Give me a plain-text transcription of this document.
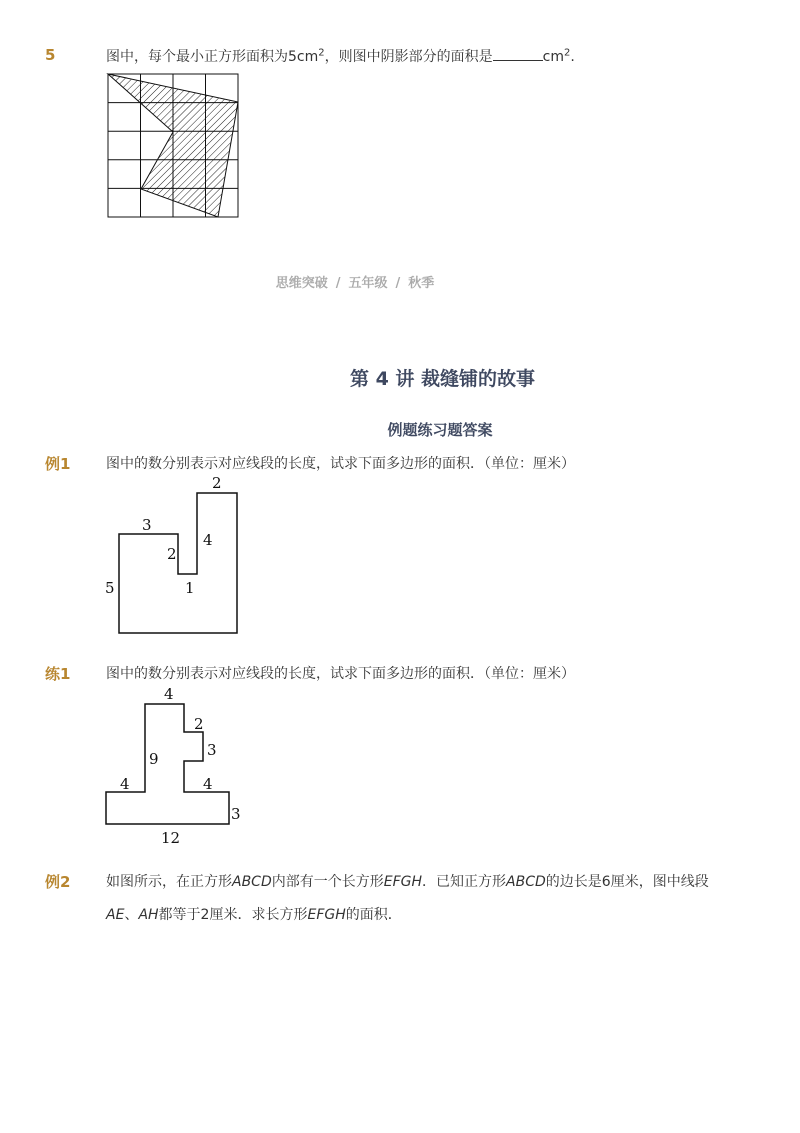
5	图中，每个最小正方形面积为$5cm^2$，则图中阴影部分的面积是	$cm^2$.
思维突破 / 五年级 / 秋季
第 4 讲 裁缝铺的故事
例题练习题答案
例1	图中的数分别表示对应线段的长度，试求下面多边形的面积．（单位：厘米）
2
3
4
2
5	1
练1	图中的数分别表示对应线段的长度，试求下面多边形的面积．（单位：厘米）
4
2
3
9
4	4
3
12
例2	如图所示，在正方形ABCD内部有一个长方形EFGH．已知正方形ABCD的边长是6厘米，图中线段
AE、AH都等于2厘米．求长方形EFGH的面积．
